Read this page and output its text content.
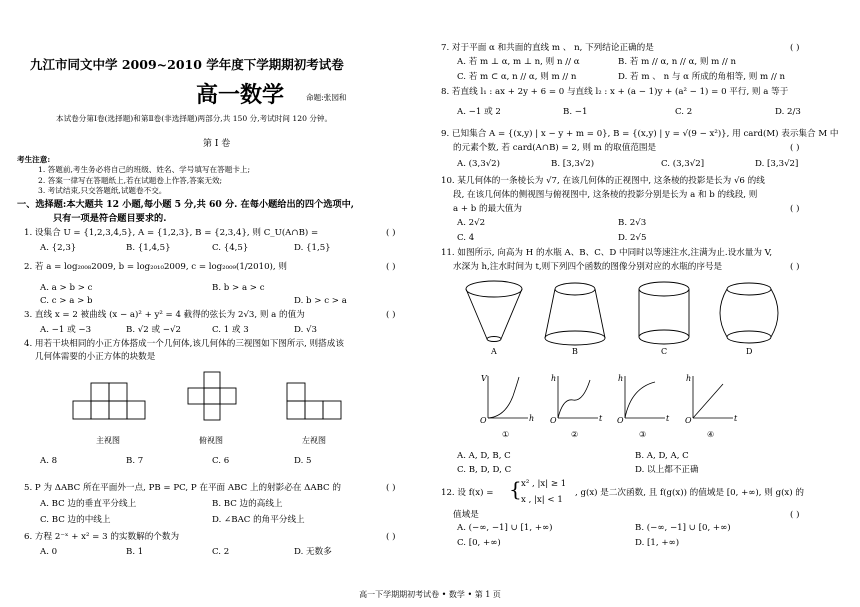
九江市同文中学 2009~2010 学年度下学期期初考试卷
高一数学	命题:张园和
本试卷分第Ⅰ卷(选择题)和第Ⅱ卷(非选择题)两部分,共 150 分,考试时间 120 分钟。
第 Ⅰ 卷
考生注意:
1. 答题前,考生务必将自己的班级、姓名、学号填写在答题卡上;
2. 答案一律写在答题纸上,若在试题卷上作答,答案无效;
3. 考试结束,只交答题纸,试题卷不交。
一、选择题:本大题共 12 小题,每小题 5 分,共 60 分. 在每小题给出的四个选项中,
只有一项是符合题目要求的.
1. 设集合 U = {1,2,3,4,5}, A = {1,2,3}, B = {2,3,4}, 则 C_U(A∩B) =	( )
A. {2,3}	B. {1,4,5}	C. {4,5}	D. {1,5}
2. 若 a = log₂₀₀₈2009, b = log₂₀₁₀2009, c = log₂₀₀₉(1/2010), 则	( )
A. a > b > c	B. b > a > c
C. c > a > b	D. b > c > a
3. 直线 x = 2 被曲线 (x − a)² + y² = 4 截得的弦长为 2√3, 则 a 的值为	( )
A. −1 或 −3	B. √2 或 −√2	C. 1 或 3	D. √3
4. 用若干块相同的小正方体搭成一个几何体,该几何体的三视图如下图所示, 则搭成该
几何体需要的小正方体的块数是
主视图	俯视图	左视图
A. 8	B. 7	C. 6	D. 5
5. P 为 ΔABC 所在平面外一点, PB = PC, P 在平面 ABC 上的射影必在 ΔABC 的	( )
A. BC 边的垂直平分线上	B. BC 边的高线上
C. BC 边的中线上	D. ∠BAC 的角平分线上
6. 方程 2⁻ˣ + x² = 3 的实数解的个数为	( )
A. 0	B. 1	C. 2	D. 无数多
7. 对于平面 α 和共面的直线 m 、 n, 下列结论正确的是	( )
A. 若 m ⊥ α, m ⊥ n, 则 n // α	B. 若 m // α, n // α, 则 m // n
C. 若 m ⊂ α, n // α, 则 m // n	D. 若 m 、 n 与 α 所成的角相等, 则 m // n
8. 若直线 l₁ : ax + 2y + 6 = 0 与直线 l₂ : x + (a − 1)y + (a² − 1) = 0 平行, 则 a 等于
A. −1 或 2	B. −1	C. 2	D. 2/3
9. 已知集合 A = {(x,y) | x − y + m = 0}, B = {(x,y) | y = √(9 − x²)}, 用 card(M) 表示集合 M 中
的元素个数, 若 card(A∩B) = 2, 则 m 的取值范围是	( )
A. (3,3√2)	B. [3,3√2)	C. (3,3√2]	D. [3,3√2]
10. 某几何体的一条棱长为 √7, 在该几何体的正视图中, 这条棱的投影是长为 √6 的线
段, 在该几何体的侧视图与俯视图中, 这条棱的投影分别是长为 a 和 b 的线段, 则
a + b 的最大值为	( )
A. 2√2	B. 2√3
C. 4	D. 2√5
11. 如图所示, 向高为 H 的水瓶 A、B、C、D 中同时以等速注水,注满为止.设水量为 V,
水深为 h,注水时间为 t,则下列四个函数的图像分别对应的水瓶的序号是	( )
A	B	C	D
V
O	h
h
O	t
h
O	t
h
O	t
①	②	③	④
A. A, D, B, C	B. A, D, A, C
C. B, D, D, C	D. 以上都不正确
12. 设 f(x) = { x² , |x| ≥ 1
x , |x| < 1
, g(x) 是二次函数, 且 f(g(x)) 的值域是 [0, +∞), 则 g(x) 的
值域是	( )
A. (−∞, −1] ∪ [1, +∞)	B. (−∞, −1] ∪ [0, +∞)
C. [0, +∞)	D. [1, +∞)
高一下学期期初考试卷 • 数学 • 第 1 页
